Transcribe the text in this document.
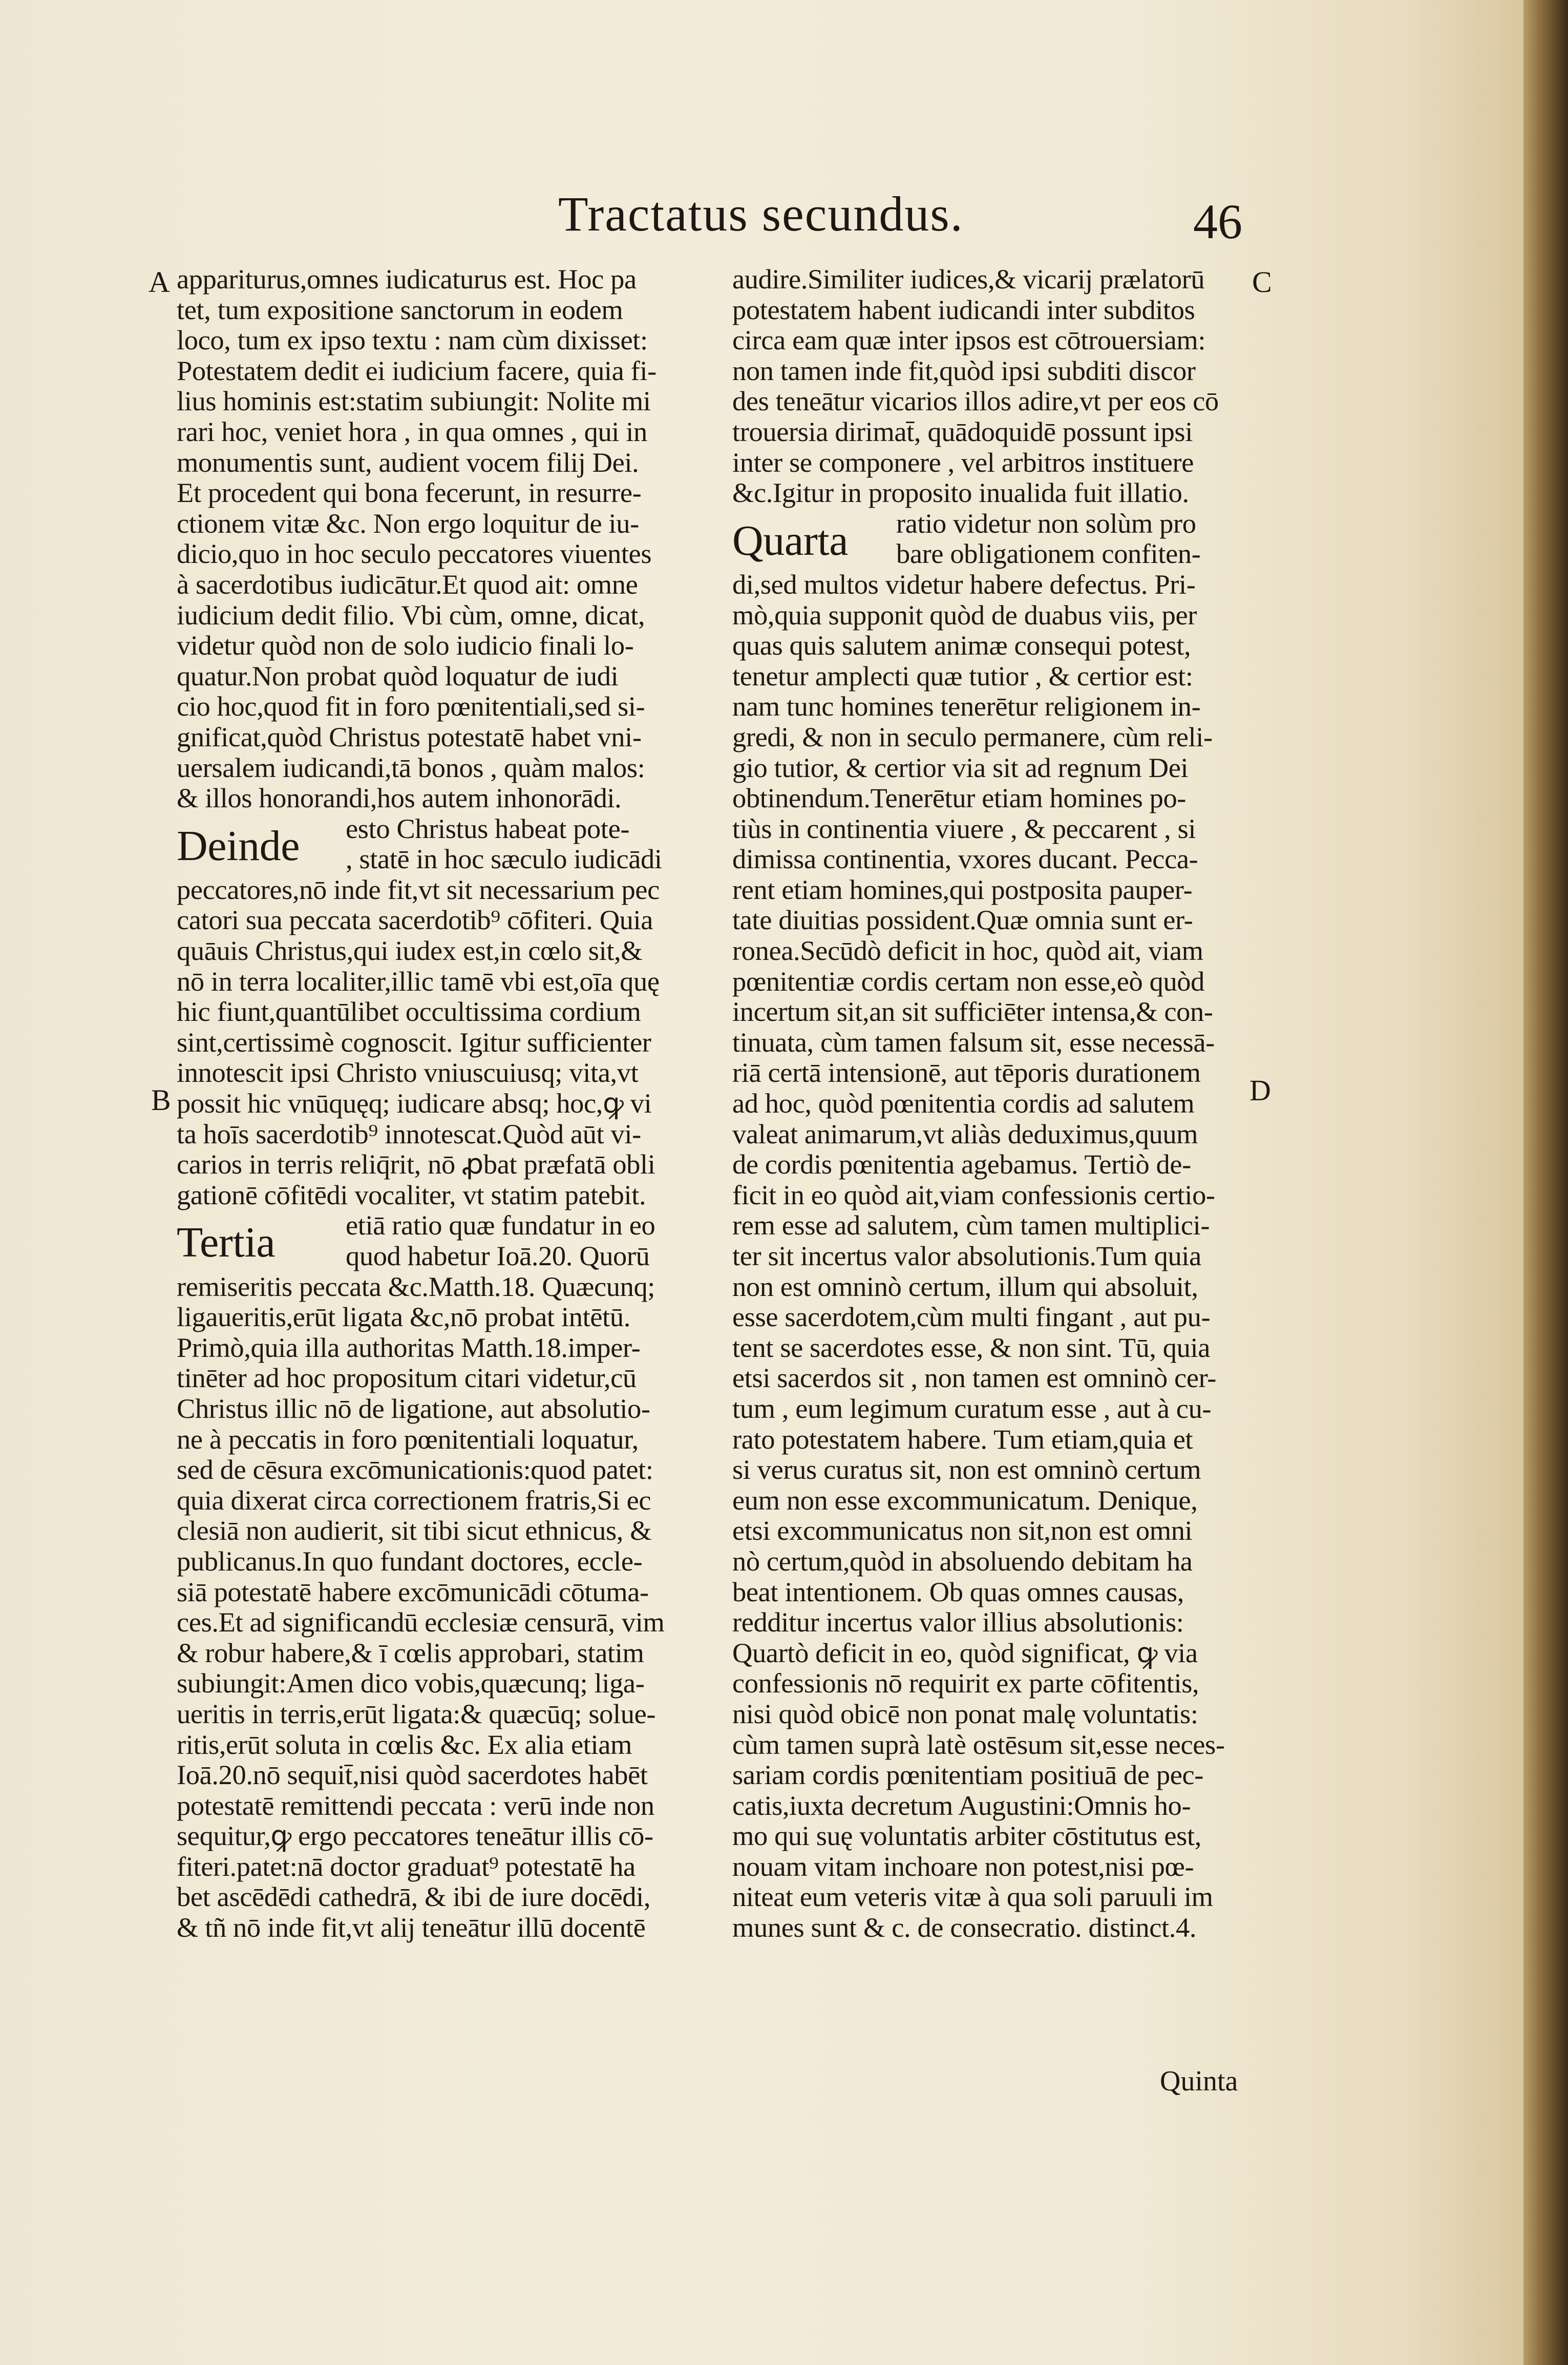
Tractatus secundus.	46
A
B
C
D
appariturus,omnes iudicaturus est. Hoc pa
tet, tum expositione sanctorum in eodem
loco, tum ex ipso textu : nam cùm dixisset:
Potestatem dedit ei iudicium facere, quia fi-
lius hominis est:statim subiungit: Nolite mi
rari hoc, veniet hora , in qua omnes , qui in
monumentis sunt, audient vocem filij Dei.
Et procedent qui bona fecerunt, in resurre-
ctionem vitæ &c. Non ergo loquitur de iu-
dicio,quo in hoc seculo peccatores viuentes
à sacerdotibus iudicātur.Et quod ait: omne
iudicium dedit filio. Vbi cùm, omne, dicat,
videtur quòd non de solo iudicio finali lo-
quatur.Non probat quòd loquatur de iudi
cio hoc,quod fit in foro pœnitentiali,sed si-
gnificat,quòd Christus potestatē habet vni-
uersalem iudicandi,tā bonos , quàm malos:
& illos honorandi,hos autem inhonorādi.
Deinde esto Christus habeat pote-
, statē in hoc sæculo iudicādi
peccatores,nō inde fit,vt sit necessarium pec
catori sua peccata sacerdotib⁹ cōfiteri. Quia
quāuis Christus,qui iudex est,in cœlo sit,&
nō in terra localiter,illic tamē vbi est,oīa quę
hic fiunt,quantūlibet occultissima cordium
sint,certissimè cognoscit. Igitur sufficienter
innotescit ipsi Christo vniuscuiusq; vita,vt
possit hic vnūquęq; iudicare absq; hoc,ꝙ vi
ta hoīs sacerdotib⁹ innotescat.Quòd aūt vi-
carios in terris reliq̄rit, nō ꝓbat præfatā obli
gationē cōfitēdi vocaliter, vt statim patebit.
Tertia	etiā ratio quæ fundatur in eo
quod habetur Ioā.20. Quorū
remiseritis peccata &c.Matth.18. Quæcunq;
ligaueritis,erūt ligata &c,nō probat intētū.
Primò,quia illa authoritas Matth.18.imper-
tinēter ad hoc propositum citari videtur,cū
Christus illic nō de ligatione, aut absolutio-
ne à peccatis in foro pœnitentiali loquatur,
sed de cēsura excōmunicationis:quod patet:
quia dixerat circa correctionem fratris,Si ec
clesiā non audierit, sit tibi sicut ethnicus, &
publicanus.In quo fundant doctores, eccle-
siā potestatē habere excōmunicādi cōtuma-
ces.Et ad significandū ecclesiæ censurā, vim
& robur habere,& ī cœlis approbari, statim
subiungit:Amen dico vobis,quæcunq; liga-
ueritis in terris,erūt ligata:& quæcūq; solue-
ritis,erūt soluta in cœlis &c. Ex alia etiam
Ioā.20.nō sequit̄,nisi quòd sacerdotes habēt
potestatē remittendi peccata : verū inde non
sequitur,ꝙ ergo peccatores teneātur illis cō-
fiteri.patet:nā doctor graduat⁹ potestatē ha
bet ascēdēdi cathedrā, & ibi de iure docēdi,
& tñ nō inde fit,vt alij teneātur illū docentē
audire.Similiter iudices,& vicarij prælatorū
potestatem habent iudicandi inter subditos
circa eam quæ inter ipsos est cōtrouersiam:
non tamen inde fit,quòd ipsi subditi discor
des teneātur vicarios illos adire,vt per eos cō
trouersia dirimat̄, quādoquidē possunt ipsi
inter se componere , vel arbitros instituere
&c.Igitur in proposito inualida fuit illatio.
Quarta ratio videtur non solùm pro
bare obligationem confiten-
di,sed multos videtur habere defectus. Pri-
mò,quia supponit quòd de duabus viis, per
quas quis salutem animæ consequi potest,
tenetur amplecti quæ tutior , & certior est:
nam tunc homines tenerētur religionem in-
gredi, & non in seculo permanere, cùm reli-
gio tutior, & certior via sit ad regnum Dei
obtinendum.Tenerētur etiam homines po-
tiùs in continentia viuere , & peccarent , si
dimissa continentia, vxores ducant. Pecca-
rent etiam homines,qui postposita pauper-
tate diuitias possident.Quæ omnia sunt er-
ronea.Secūdò deficit in hoc, quòd ait, viam
pœnitentiæ cordis certam non esse,eò quòd
incertum sit,an sit sufficiēter intensa,& con-
tinuata, cùm tamen falsum sit, esse necessā-
riā certā intensionē, aut tēporis durationem
ad hoc, quòd pœnitentia cordis ad salutem
valeat animarum,vt aliàs deduximus,quum
de cordis pœnitentia agebamus. Tertiò de-
ficit in eo quòd ait,viam confessionis certio-
rem esse ad salutem, cùm tamen multiplici-
ter sit incertus valor absolutionis.Tum quia
non est omninò certum, illum qui absoluit,
esse sacerdotem,cùm multi fingant , aut pu-
tent se sacerdotes esse, & non sint. Tū, quia
etsi sacerdos sit , non tamen est omninò cer-
tum , eum legimum curatum esse , aut à cu-
rato potestatem habere. Tum etiam,quia et
si verus curatus sit, non est omninò certum
eum non esse excommunicatum. Denique,
etsi excommunicatus non sit,non est omni
nò certum,quòd in absoluendo debitam ha
beat intentionem. Ob quas omnes causas,
redditur incertus valor illius absolutionis:
Quartò deficit in eo, quòd significat, ꝙ via
confessionis nō requirit ex parte cōfitentis,
nisi quòd obicē non ponat malę voluntatis:
cùm tamen suprà latè ostēsum sit,esse neces-
sariam cordis pœnitentiam positiuā de pec-
catis,iuxta decretum Augustini:Omnis ho-
mo qui suę voluntatis arbiter cōstitutus est,
nouam vitam inchoare non potest,nisi pœ-
niteat eum veteris vitæ à qua soli paruuli im
munes sunt & c. de consecratio. distinct.4.
Quinta
